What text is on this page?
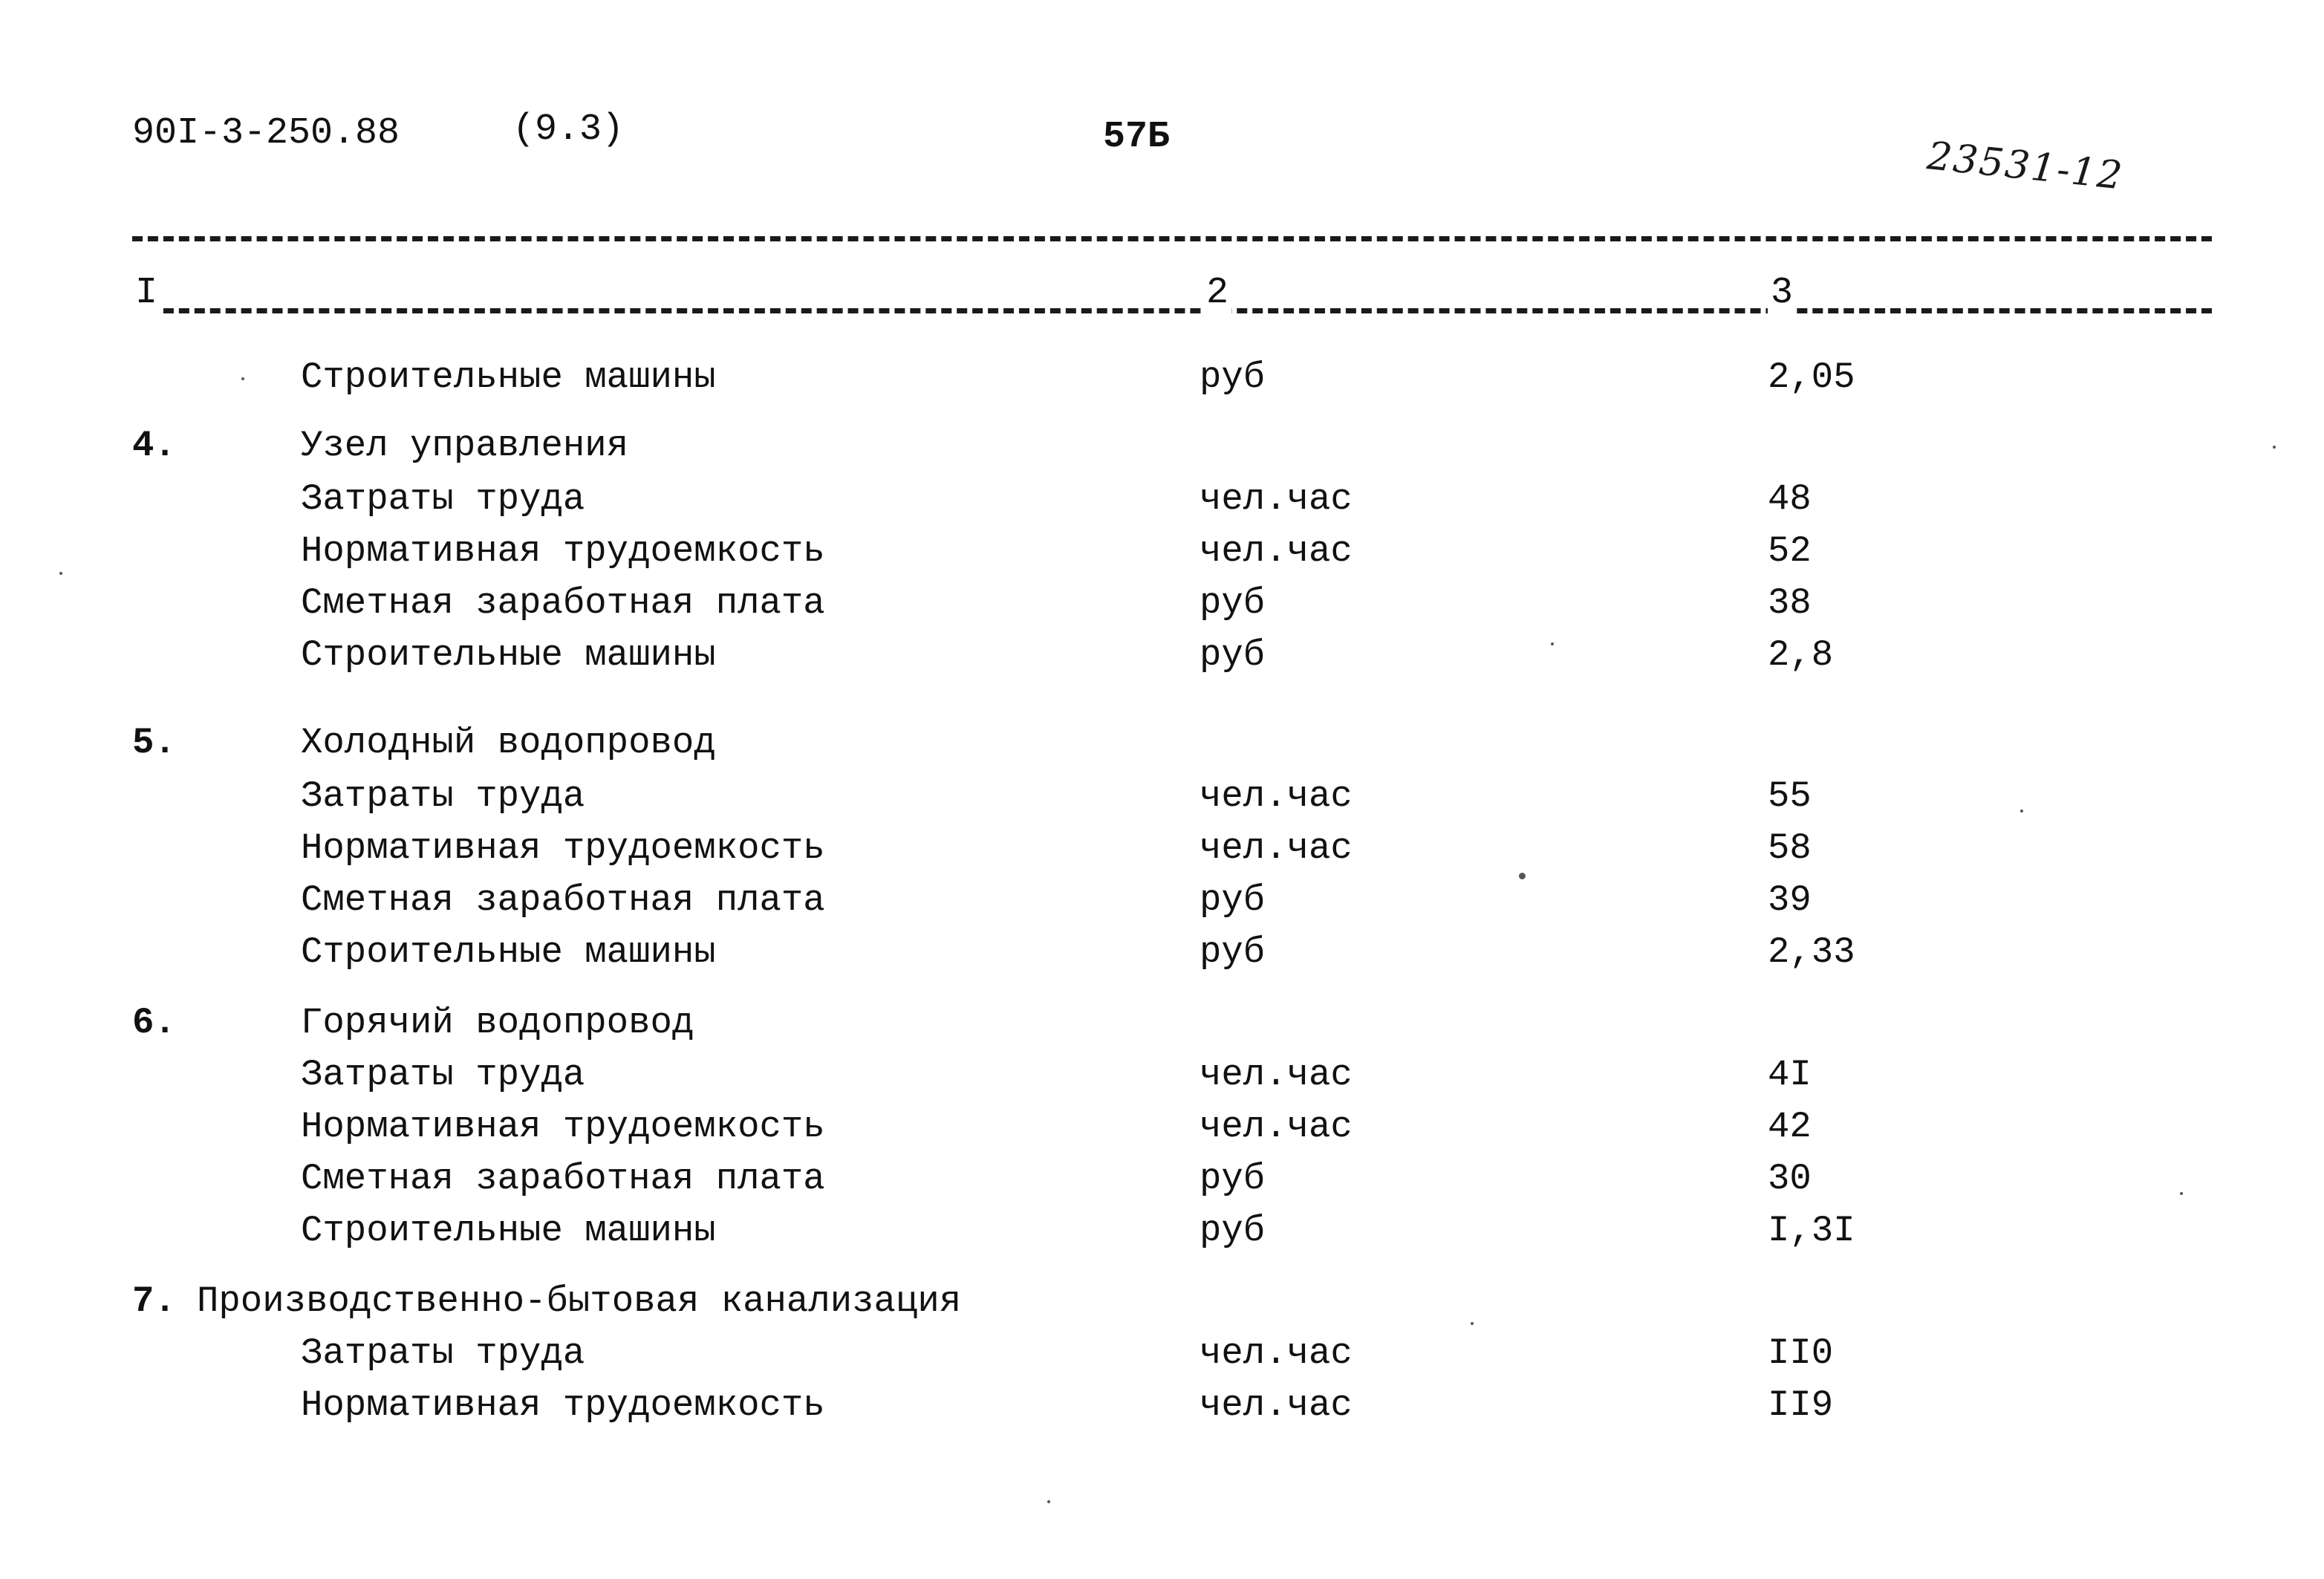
90I-3-250.88	(9.3)	57Б	23531-12
I	2	3
Строительные машины	руб	2,05
4.	Узел управления
Затраты труда	чел.час	48
Нормативная трудоемкость	чел.час	52
Сметная заработная плата	руб	38
Строительные машины	руб	2,8
5.	Холодный водопровод
Затраты труда	чел.час	55
Нормативная трудоемкость	чел.час	58
Сметная заработная плата	руб	39
Строительные машины	руб	2,33
6.	Горячий водопровод
Затраты труда	чел.час	4I
Нормативная трудоемкость	чел.час	42
Сметная заработная плата	руб	30
Строительные машины	руб	I,3I
7. Производственно-бытовая канализация
Затраты труда	чел.час	II0
Нормативная трудоемкость	чел.час	II9
